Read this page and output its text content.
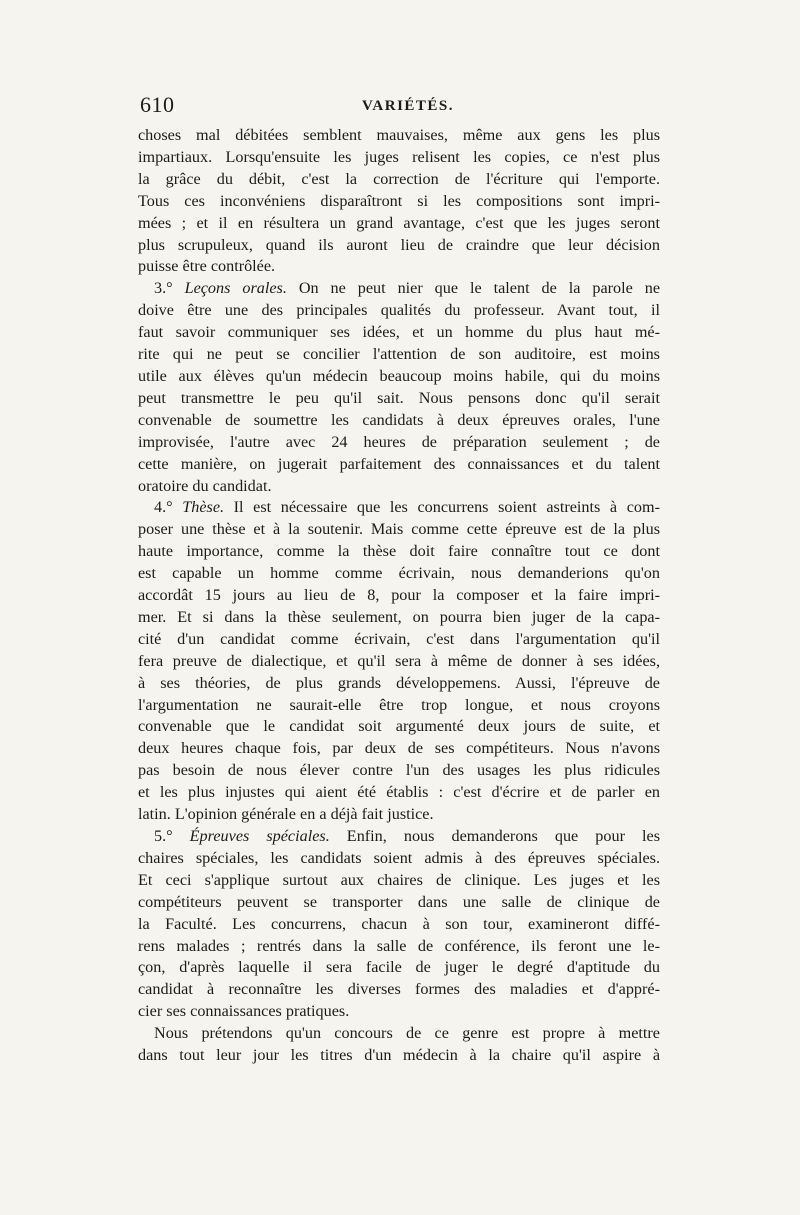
610	VARIÉTÉS.
choses mal débitées semblent mauvaises, même aux gens les plus
impartiaux. Lorsqu'ensuite les juges relisent les copies, ce n'est plus
la grâce du débit, c'est la correction de l'écriture qui l'emporte.
Tous ces inconvéniens disparaîtront si les compositions sont impri-
mées ; et il en résultera un grand avantage, c'est que les juges seront
plus scrupuleux, quand ils auront lieu de craindre que leur décision
puisse être contrôlée.
3.° Leçons orales. On ne peut nier que le talent de la parole ne
doive être une des principales qualités du professeur. Avant tout, il
faut savoir communiquer ses idées, et un homme du plus haut mé-
rite qui ne peut se concilier l'attention de son auditoire, est moins
utile aux élèves qu'un médecin beaucoup moins habile, qui du moins
peut transmettre le peu qu'il sait. Nous pensons donc qu'il serait
convenable de soumettre les candidats à deux épreuves orales, l'une
improvisée, l'autre avec 24 heures de préparation seulement ; de
cette manière, on jugerait parfaitement des connaissances et du talent
oratoire du candidat.
4.° Thèse. Il est nécessaire que les concurrens soient astreints à com-
poser une thèse et à la soutenir. Mais comme cette épreuve est de la plus
haute importance, comme la thèse doit faire connaître tout ce dont
est capable un homme comme écrivain, nous demanderions qu'on
accordât 15 jours au lieu de 8, pour la composer et la faire impri-
mer. Et si dans la thèse seulement, on pourra bien juger de la capa-
cité d'un candidat comme écrivain, c'est dans l'argumentation qu'il
fera preuve de dialectique, et qu'il sera à même de donner à ses idées,
à ses théories, de plus grands développemens. Aussi, l'épreuve de
l'argumentation ne saurait-elle être trop longue, et nous croyons
convenable que le candidat soit argumenté deux jours de suite, et
deux heures chaque fois, par deux de ses compétiteurs. Nous n'avons
pas besoin de nous élever contre l'un des usages les plus ridicules
et les plus injustes qui aient été établis : c'est d'écrire et de parler en
latin. L'opinion générale en a déjà fait justice.
5.° Épreuves spéciales. Enfin, nous demanderons que pour les
chaires spéciales, les candidats soient admis à des épreuves spéciales.
Et ceci s'applique surtout aux chaires de clinique. Les juges et les
compétiteurs peuvent se transporter dans une salle de clinique de
la Faculté. Les concurrens, chacun à son tour, examineront diffé-
rens malades ; rentrés dans la salle de conférence, ils feront une le-
çon, d'après laquelle il sera facile de juger le degré d'aptitude du
candidat à reconnaître les diverses formes des maladies et d'appré-
cier ses connaissances pratiques.
Nous prétendons qu'un concours de ce genre est propre à mettre
dans tout leur jour les titres d'un médecin à la chaire qu'il aspire à
